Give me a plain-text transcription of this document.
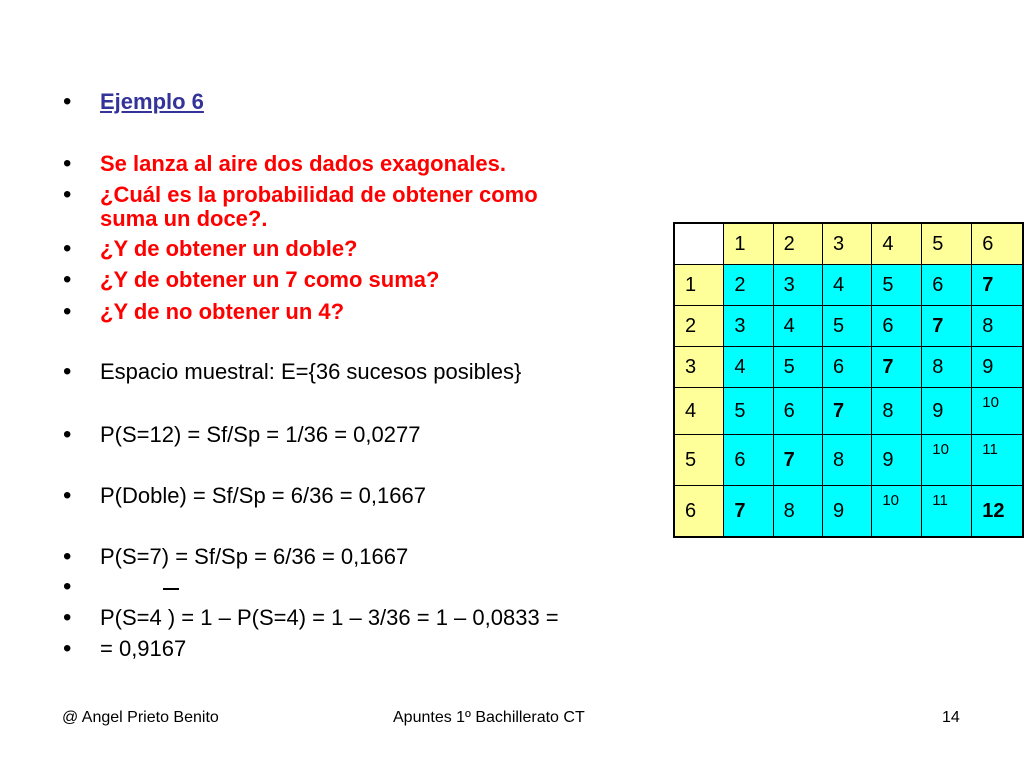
• Ejemplo 6
• Se lanza al aire dos dados exagonales.
• ¿Cuál es la probabilidad de obtener como
suma un doce?.
• ¿Y de obtener un doble?
• ¿Y de obtener un 7 como suma?
• ¿Y de no obtener un 4?
• Espacio muestral: E={36 sucesos posibles}
• P(S=12) = Sf/Sp = 1/36 = 0,0277
• P(Doble) = Sf/Sp = 6/36 = 0,1667
• P(S=7) = Sf/Sp = 6/36 = 0,1667
•
• P(S=4 ) = 1 – P(S=4) = 1 – 3/36 = 1 – 0,0833 =
• = 0,9167
	1	2	3	4	5	6
1	2	3	4	5	6	7
2	3	4	5	6	7	8
3	4	5	6	7	8	9
4	5	6	7	8	9	10
5	6	7	8	9	10	11
6	7	8	9	10	11	12
@ Angel Prieto Benito	Apuntes 1º Bachillerato CT	14
